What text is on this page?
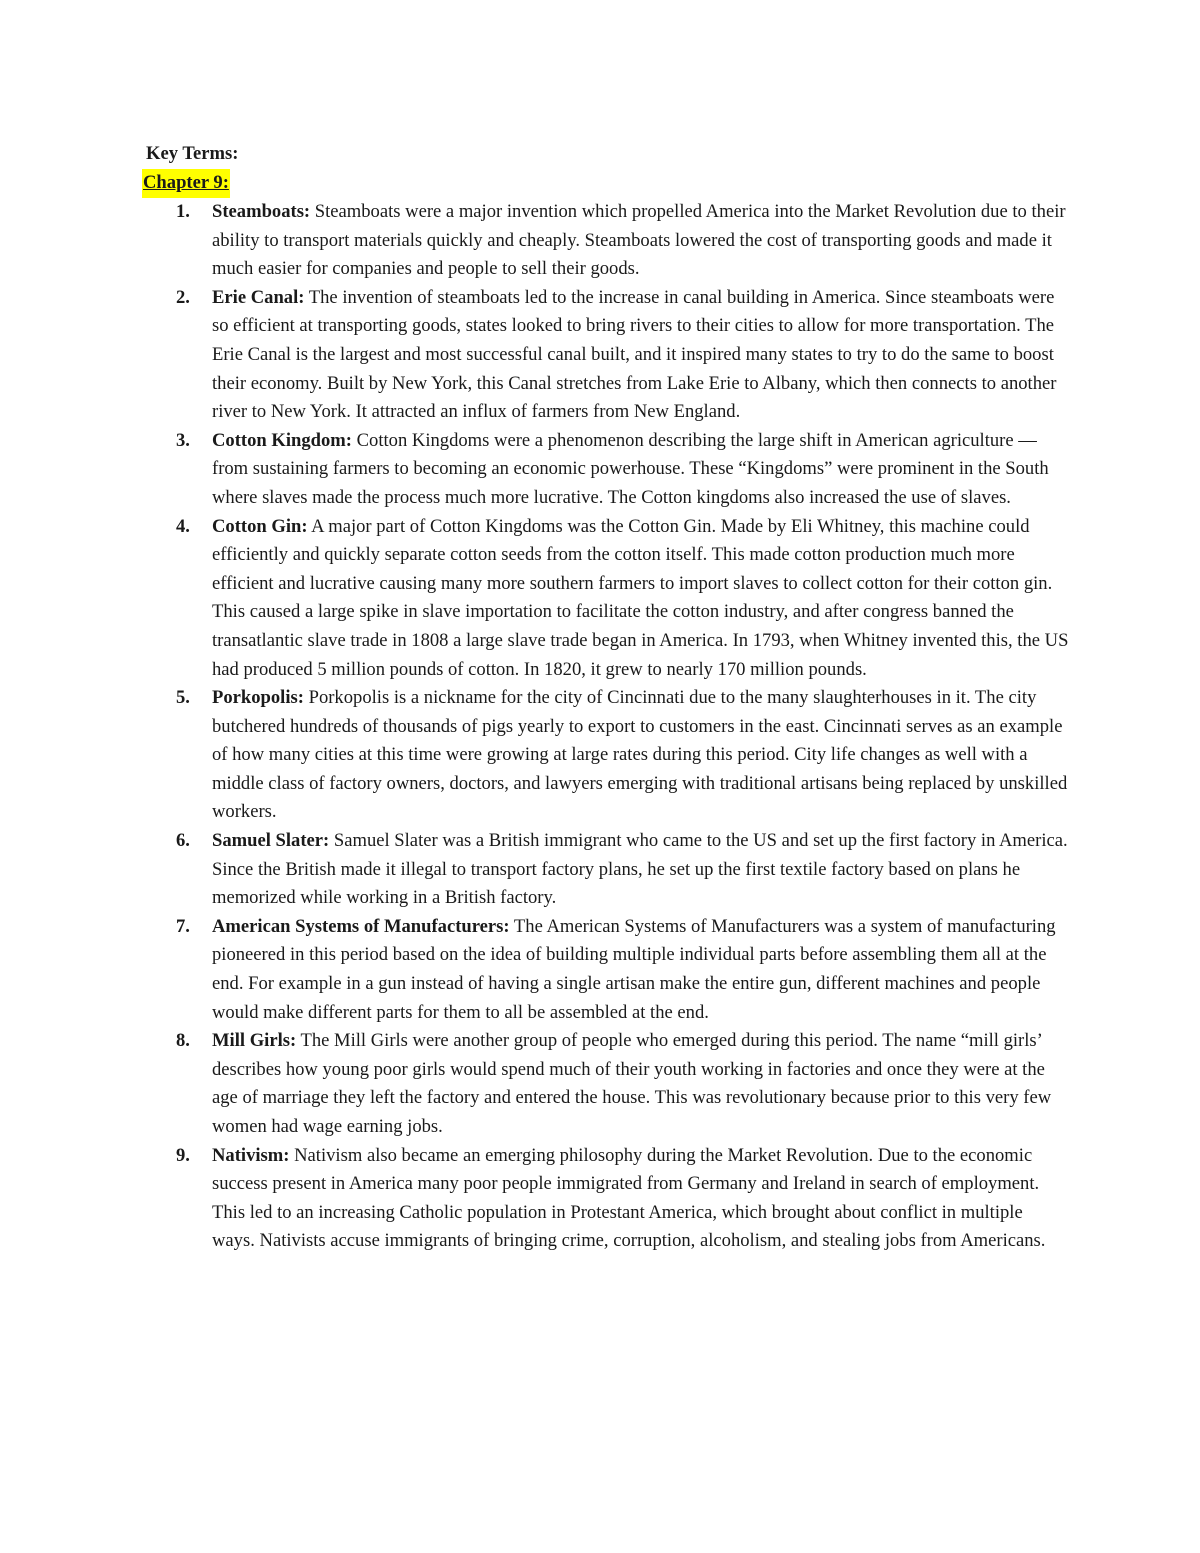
Key Terms:

Chapter 9:

1. Steamboats: Steamboats were a major invention which propelled America into the Market Revolution due to their ability to transport materials quickly and cheaply. Steamboats lowered the cost of transporting goods and made it much easier for companies and people to sell their goods.
2. Erie Canal: The invention of steamboats led to the increase in canal building in America. Since steamboats were so efficient at transporting goods, states looked to bring rivers to their cities to allow for more transportation. The Erie Canal is the largest and most successful canal built, and it inspired many states to try to do the same to boost their economy. Built by New York, this Canal stretches from Lake Erie to Albany, which then connects to another river to New York. It attracted an influx of farmers from New England.
3. Cotton Kingdom: Cotton Kingdoms were a phenomenon describing the large shift in American agriculture — from sustaining farmers to becoming an economic powerhouse. These “Kingdoms” were prominent in the South where slaves made the process much more lucrative. The Cotton kingdoms also increased the use of slaves.
4. Cotton Gin: A major part of Cotton Kingdoms was the Cotton Gin. Made by Eli Whitney, this machine could efficiently and quickly separate cotton seeds from the cotton itself. This made cotton production much more efficient and lucrative causing many more southern farmers to import slaves to collect cotton for their cotton gin. This caused a large spike in slave importation to facilitate the cotton industry, and after congress banned the transatlantic slave trade in 1808 a large slave trade began in America. In 1793, when Whitney invented this, the US had produced 5 million pounds of cotton. In 1820, it grew to nearly 170 million pounds.
5. Porkopolis: Porkopolis is a nickname for the city of Cincinnati due to the many slaughterhouses in it. The city butchered hundreds of thousands of pigs yearly to export to customers in the east. Cincinnati serves as an example of how many cities at this time were growing at large rates during this period. City life changes as well with a middle class of factory owners, doctors, and lawyers emerging with traditional artisans being replaced by unskilled workers.
6. Samuel Slater: Samuel Slater was a British immigrant who came to the US and set up the first factory in America. Since the British made it illegal to transport factory plans, he set up the first textile factory based on plans he memorized while working in a British factory.
7. American Systems of Manufacturers: The American Systems of Manufacturers was a system of manufacturing pioneered in this period based on the idea of building multiple individual parts before assembling them all at the end. For example in a gun instead of having a single artisan make the entire gun, different machines and people would make different parts for them to all be assembled at the end.
8. Mill Girls: The Mill Girls were another group of people who emerged during this period. The name “mill girls’ describes how young poor girls would spend much of their youth working in factories and once they were at the age of marriage they left the factory and entered the house. This was revolutionary because prior to this very few women had wage earning jobs.
9. Nativism: Nativism also became an emerging philosophy during the Market Revolution. Due to the economic success present in America many poor people immigrated from Germany and Ireland in search of employment. This led to an increasing Catholic population in Protestant America, which brought about conflict in multiple ways. Nativists accuse immigrants of bringing crime, corruption, alcoholism, and stealing jobs from Americans.
